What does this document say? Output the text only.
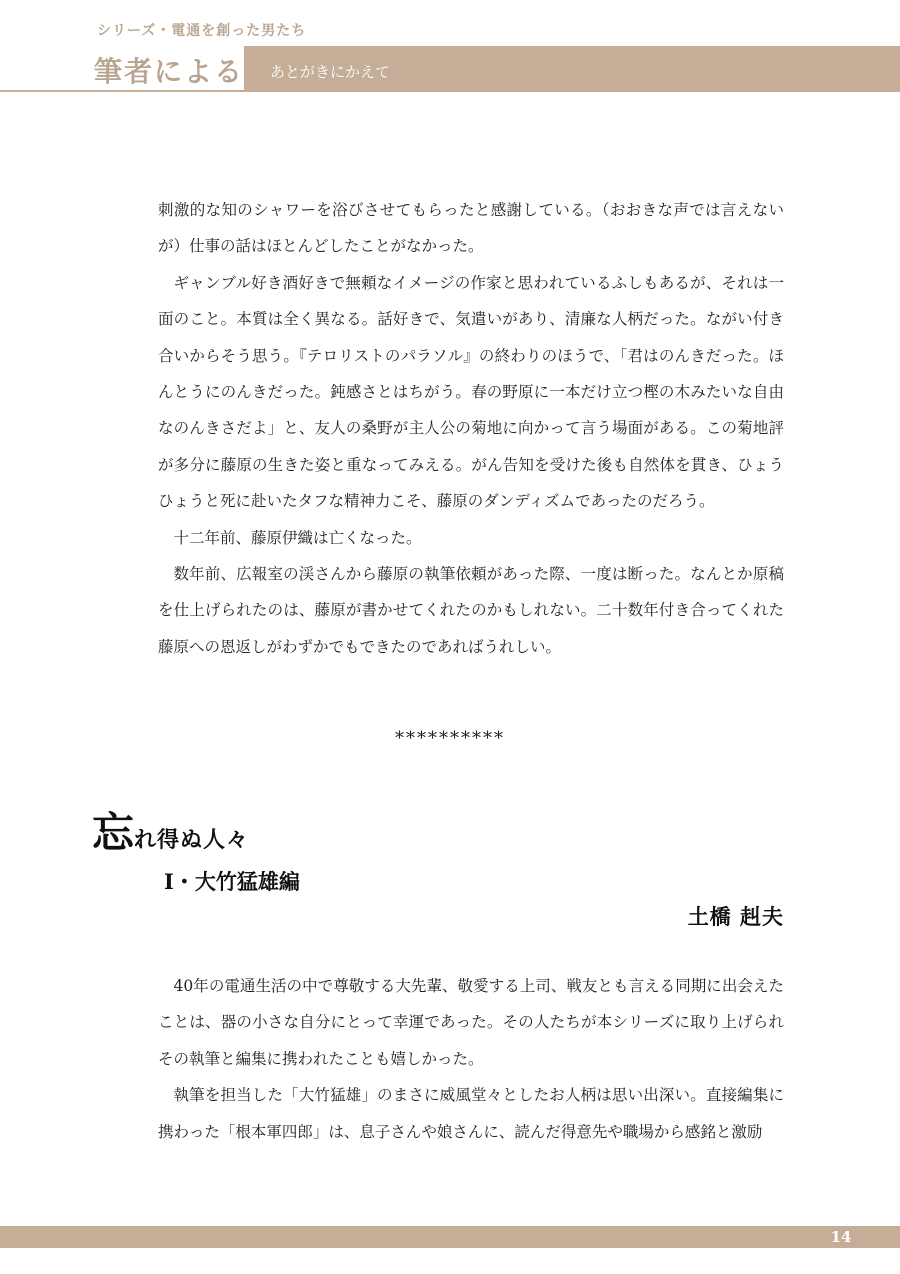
シリーズ・電通を創った男たち
筆者による あとがきにかえて

刺激的な知のシャワーを浴びさせてもらったと感謝している。（おおきな声では言えないが）仕事の話はほとんどしたことがなかった。

ギャンブル好き酒好きで無頼なイメージの作家と思われているふしもあるが、それは一面のこと。本質は全く異なる。話好きで、気遣いがあり、清廉な人柄だった。ながい付き合いからそう思う。『テロリストのパラソル』の終わりのほうで、「君はのんきだった。ほんとうにのんきだった。鈍感さとはちがう。春の野原に一本だけ立つ樫の木みたいな自由なのんきさだよ」と、友人の桑野が主人公の菊地に向かって言う場面がある。この菊地評が多分に藤原の生きた姿と重なってみえる。がん告知を受けた後も自然体を貫き、ひょうひょうと死に赴いたタフな精神力こそ、藤原のダンディズムであったのだろう。

十二年前、藤原伊織は亡くなった。

数年前、広報室の渓さんから藤原の執筆依頼があった際、一度は断った。なんとか原稿を仕上げられたのは、藤原が書かせてくれたのかもしれない。二十数年付き合ってくれた藤原への恩返しがわずかでもできたのであればうれしい。

**********
忘れ得ぬ人々
Ⅰ・大竹猛雄編
土橋 赳夫

40年の電通生活の中で尊敬する大先輩、敬愛する上司、戦友とも言える同期に出会えたことは、器の小さな自分にとって幸運であった。その人たちが本シリーズに取り上げられその執筆と編集に携われたことも嬉しかった。

執筆を担当した「大竹猛雄」のまさに威風堂々としたお人柄は思い出深い。直接編集に携わった「根本軍四郎」は、息子さんや娘さんに、読んだ得意先や職場から感銘と激励

14
